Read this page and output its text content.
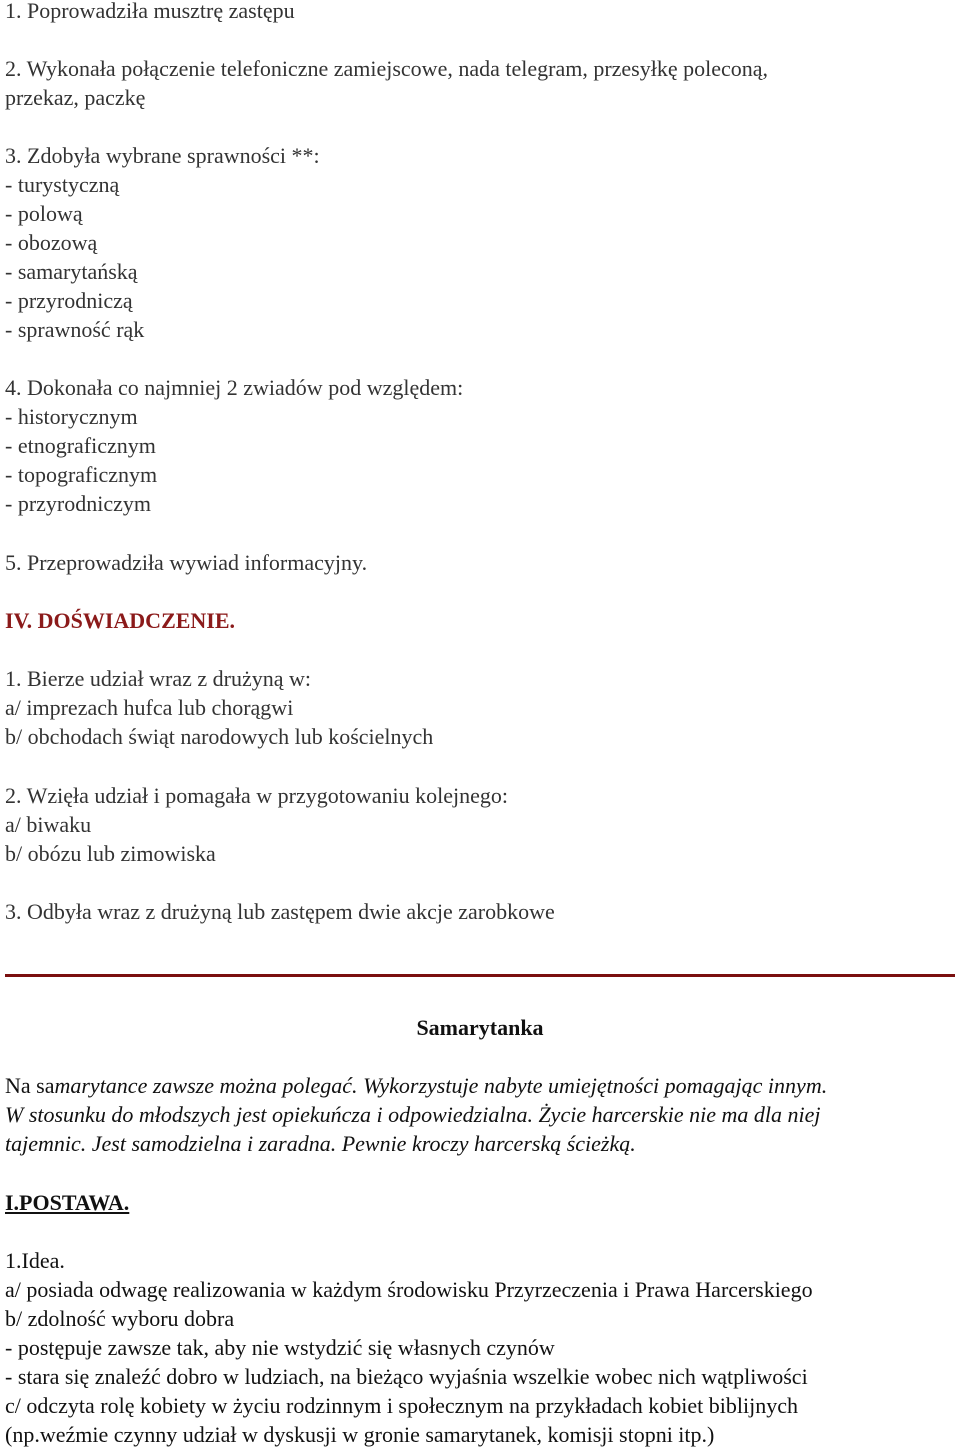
1. Poprowadziła musztrę zastępu
2. Wykonała połączenie telefoniczne zamiejscowe, nada telegram, przesyłkę poleconą,
przekaz, paczkę
3. Zdobyła wybrane sprawności **:
- turystyczną
- polową
- obozową
- samarytańską
- przyrodniczą
- sprawność rąk
4. Dokonała co najmniej 2 zwiadów pod względem:
- historycznym
- etnograficznym
- topograficznym
- przyrodniczym
5. Przeprowadziła wywiad informacyjny.
IV. DOŚWIADCZENIE.
1. Bierze udział wraz z drużyną w:
a/ imprezach hufca lub chorągwi
b/ obchodach świąt narodowych lub kościelnych
2. Wzięła udział i pomagała w przygotowaniu kolejnego:
a/ biwaku
b/ obózu lub zimowiska
3. Odbyła wraz z drużyną lub zastępem dwie akcje zarobkowe
Samarytanka
Na samarytance zawsze można polegać. Wykorzystuje nabyte umiejętności pomagając innym.
W stosunku do młodszych jest opiekuńcza i odpowiedzialna. Życie harcerskie nie ma dla niej
tajemnic. Jest samodzielna i zaradna. Pewnie kroczy harcerską ścieżką.
I.POSTAWA.
1.Idea.
a/ posiada odwagę realizowania w każdym środowisku Przyrzeczenia i Prawa Harcerskiego
b/ zdolność wyboru dobra
- postępuje zawsze tak, aby nie wstydzić się własnych czynów
- stara się znaleźć dobro w ludziach, na bieżąco wyjaśnia wszelkie wobec nich wątpliwości
c/ odczyta rolę kobiety w życiu rodzinnym i społecznym na przykładach kobiet biblijnych
(np.weźmie czynny udział w dyskusji w gronie samarytanek, komisji stopni itp.)
